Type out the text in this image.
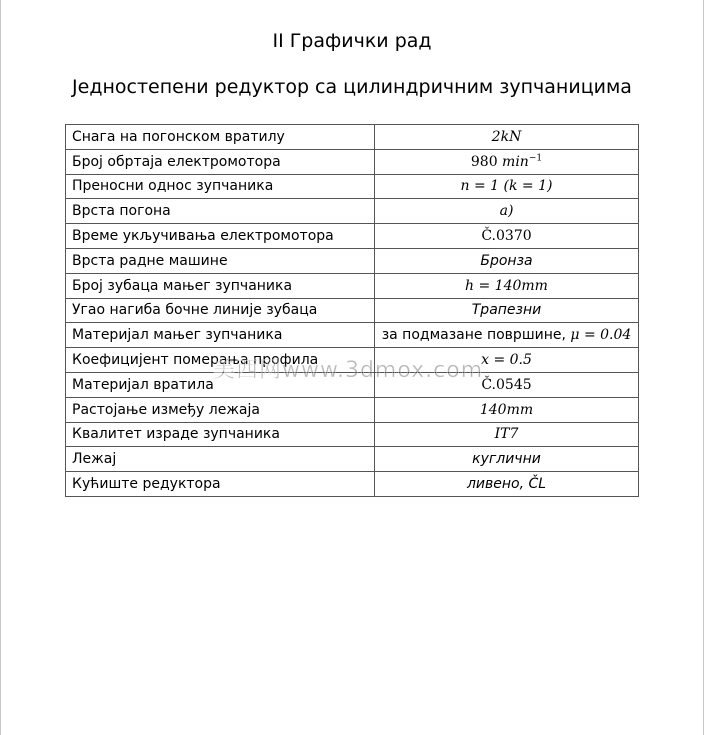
II Графички рад
Једностепени редуктор са цилиндричним зупчаницима
Снага на погонском вратилу	2kN
Број обртаја електромотора	980 $\min^{-1}$
Преносни однос зупчаника	n = 1 (k = 1)
Врста погона	a)
Време укључивања електромотора	Č.0370
Врста радне машине	Бронза
Број зубаца мањег зупчаника	h = 140mm
Угао нагиба бочне линије зубаца	Трапезни
Материјал мањег зупчаника	за подмазане површине, μ = 0.04
Коефицијент померања профила	x = 0.5
Материјал вратила	Č.0545
Растојање између лежаја	140mm
Квалитет израде зупчаника	IT7
Лежај	куглични
Кућиште редуктора	ливено, ČL
美西网www.3dmox.com
